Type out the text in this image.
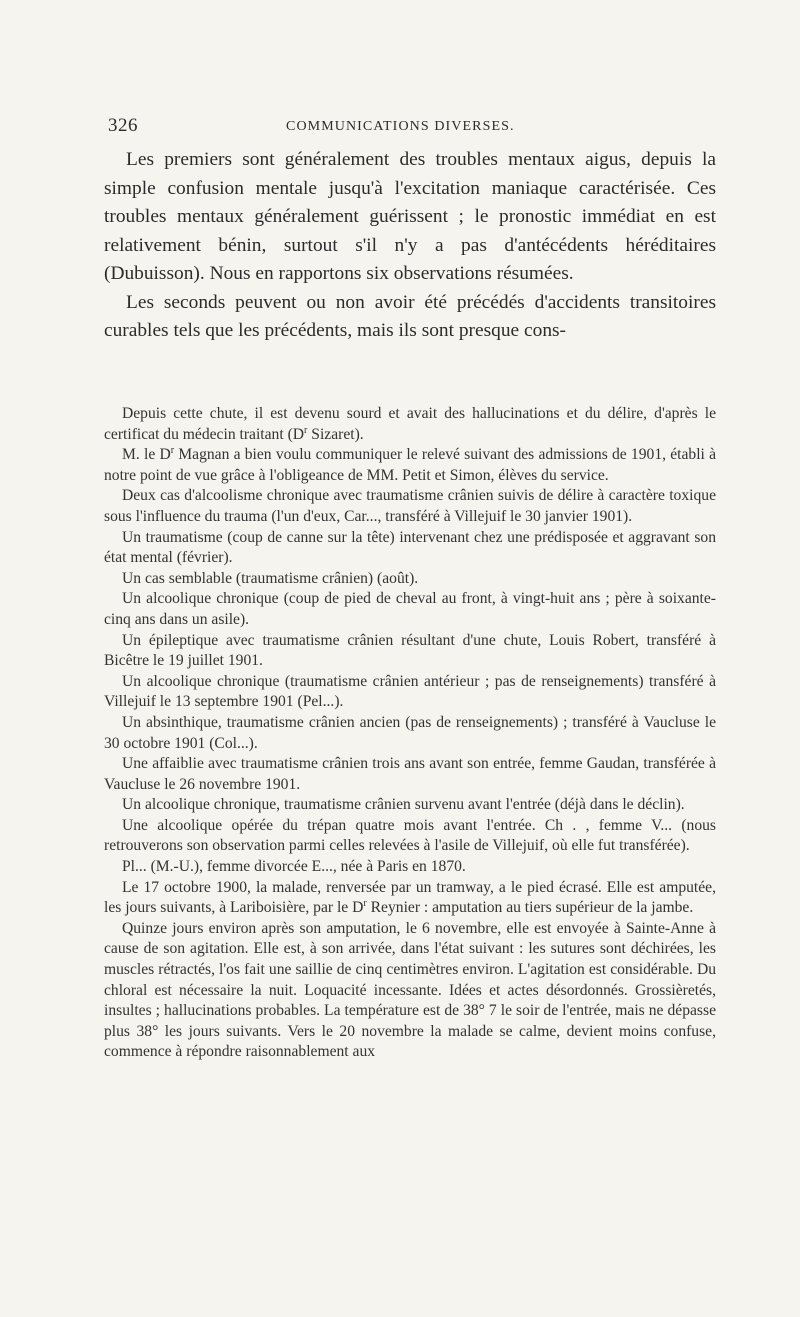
326	COMMUNICATIONS DIVERSES.

Les premiers sont généralement des troubles mentaux aigus, depuis la simple confusion mentale jusqu'à l'excitation maniaque caractérisée. Ces troubles mentaux généralement guérissent ; le pronostic immédiat en est relativement bénin, surtout s'il n'y a pas d'antécédents héréditaires (Dubuisson). Nous en rapportons six observations résumées.

Les seconds peuvent ou non avoir été précédés d'accidents transitoires curables tels que les précédents, mais ils sont presque cons-

Depuis cette chute, il est devenu sourd et avait des hallucinations et du délire, d'après le certificat du médecin traitant ($D^r$ Sizaret).

M. le $D^r$ Magnan a bien voulu communiquer le relevé suivant des admissions de 1901, établi à notre point de vue grâce à l'obligeance de MM. Petit et Simon, élèves du service.

Deux cas d'alcoolisme chronique avec traumatisme crânien suivis de délire à caractère toxique sous l'influence du trauma (l'un d'eux, Car..., transféré à Villejuif le 30 janvier 1901).

Un traumatisme (coup de canne sur la tête) intervenant chez une prédisposée et aggravant son état mental (février).

Un cas semblable (traumatisme crânien) (août).

Un alcoolique chronique (coup de pied de cheval au front, à vingt-huit ans ; père à soixante-cinq ans dans un asile).

Un épileptique avec traumatisme crânien résultant d'une chute, Louis Robert, transféré à Bicêtre le 19 juillet 1901.

Un alcoolique chronique (traumatisme crânien antérieur ; pas de renseignements) transféré à Villejuif le 13 septembre 1901 (Pel...).

Un absinthique, traumatisme crânien ancien (pas de renseignements) ; transféré à Vaucluse le 30 octobre 1901 (Col...).

Une affaiblie avec traumatisme crânien trois ans avant son entrée, femme Gaudan, transférée à Vaucluse le 26 novembre 1901.

Un alcoolique chronique, traumatisme crânien survenu avant l'entrée (déjà dans le déclin).

Une alcoolique opérée du trépan quatre mois avant l'entrée. Ch . , femme V... (nous retrouverons son observation parmi celles relevées à l'asile de Villejuif, où elle fut transférée).

Pl... (M.-U.), femme divorcée E..., née à Paris en 1870.

Le 17 octobre 1900, la malade, renversée par un tramway, a le pied écrasé. Elle est amputée, les jours suivants, à Lariboisière, par le $D^r$ Reynier : amputation au tiers supérieur de la jambe.

Quinze jours environ après son amputation, le 6 novembre, elle est envoyée à Sainte-Anne à cause de son agitation. Elle est, à son arrivée, dans l'état suivant : les sutures sont déchirées, les muscles rétractés, l'os fait une saillie de cinq centimètres environ. L'agitation est considérable. Du chloral est nécessaire la nuit. Loquacité incessante. Idées et actes désordonnés. Grossièretés, insultes ; hallucinations probables. La température est de 38° 7 le soir de l'entrée, mais ne dépasse plus 38° les jours suivants. Vers le 20 novembre la malade se calme, devient moins confuse, commence à répondre raisonnablement aux
